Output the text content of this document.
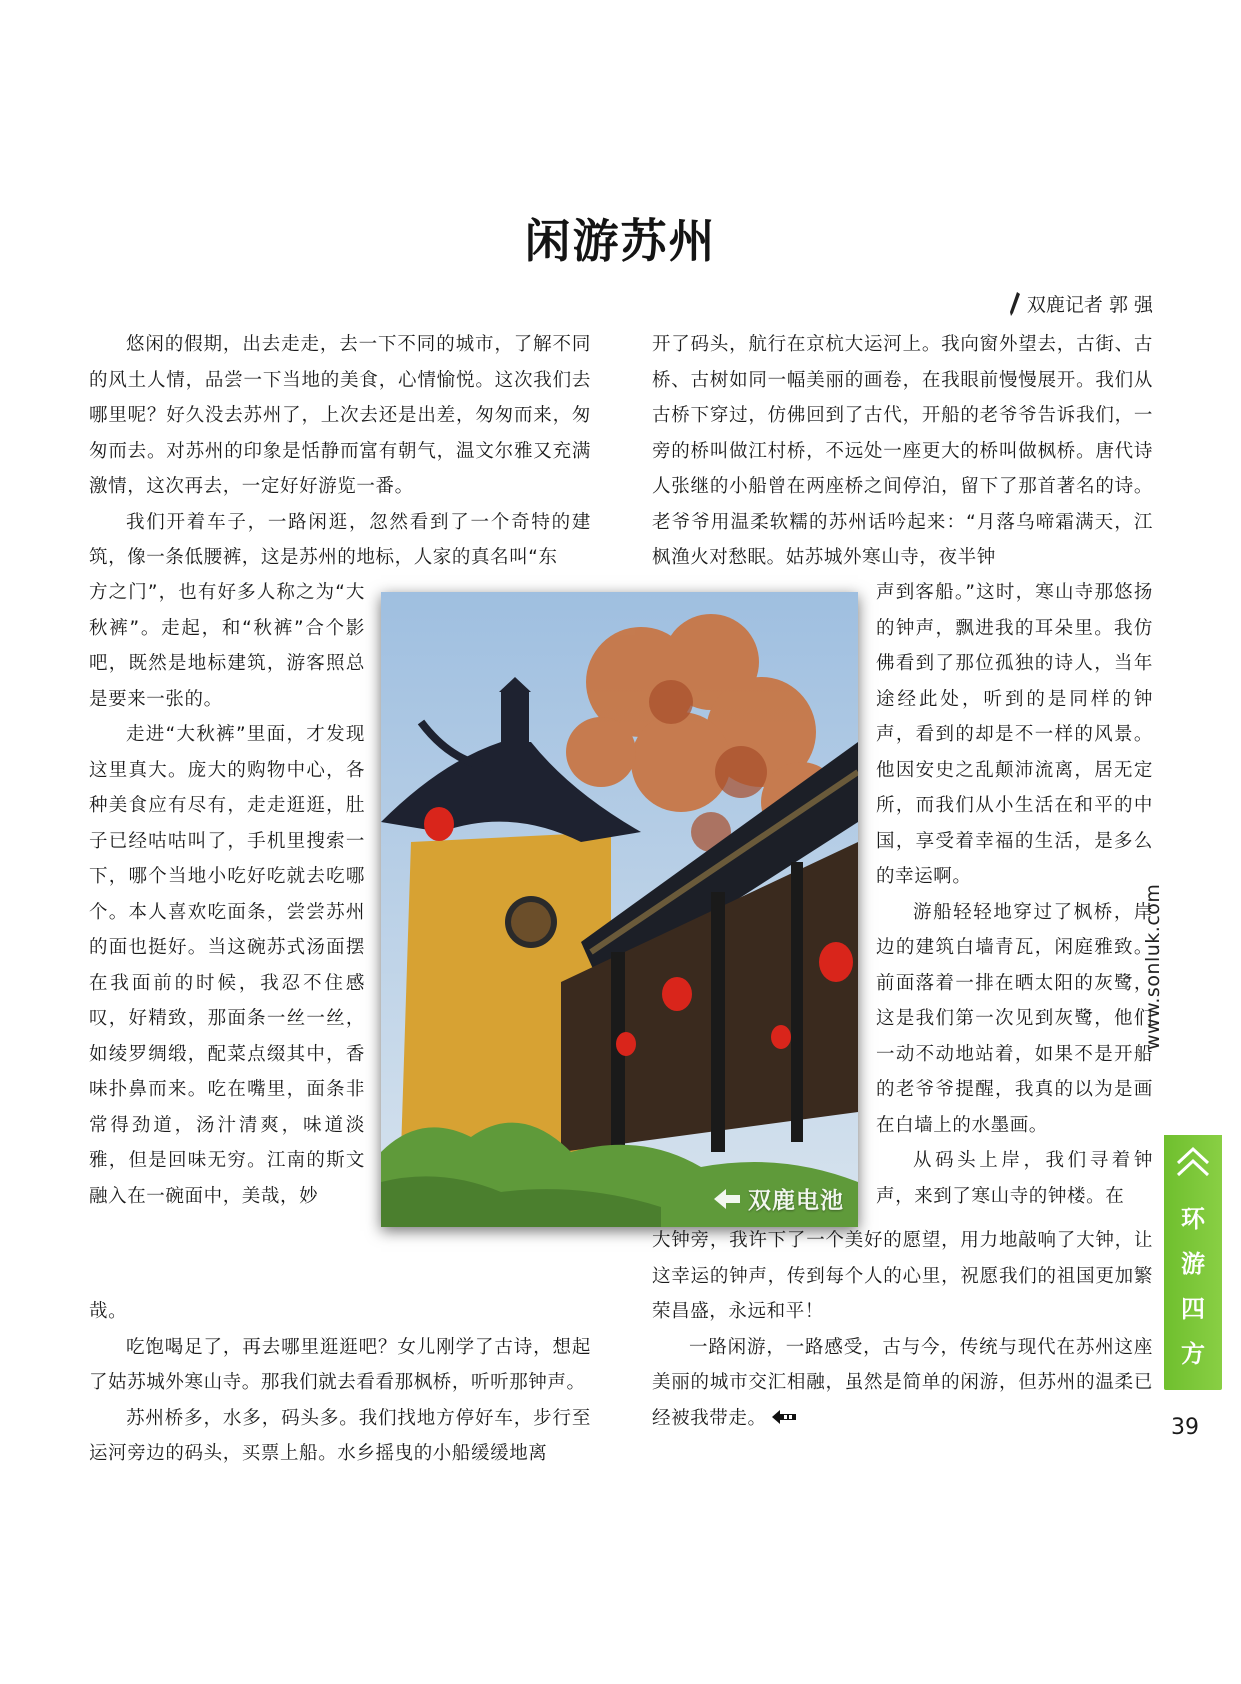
闲游苏州
双鹿记者 郭 强

悠闲的假期，出去走走，去一下不同的城市，了解不同的风土人情，品尝一下当地的美食，心情愉悦。这次我们去哪里呢？好久没去苏州了，上次去还是出差，匆匆而来，匆匆而去。对苏州的印象是恬静而富有朝气，温文尔雅又充满激情，这次再去，一定好好游览一番。

我们开着车子，一路闲逛，忽然看到了一个奇特的建筑，像一条低腰裤，这是苏州的地标，人家的真名叫“东

方之门”，也有好多人称之为“大秋裤”。走起，和“秋裤”合个影吧，既然是地标建筑，游客照总是要来一张的。

走进“大秋裤”里面，才发现这里真大。庞大的购物中心，各种美食应有尽有，走走逛逛，肚子已经咕咕叫了，手机里搜索一下，哪个当地小吃好吃就去吃哪个。本人喜欢吃面条，尝尝苏州的面也挺好。当这碗苏式汤面摆在我面前的时候，我忍不住感叹，好精致，那面条一丝一丝，如绫罗绸缎，配菜点缀其中，香味扑鼻而来。吃在嘴里，面条非常得劲道，汤汁清爽，味道淡雅，但是回味无穷。江南的斯文融入在一碗面中，美哉，妙

哉。

吃饱喝足了，再去哪里逛逛吧？女儿刚学了古诗，想起了姑苏城外寒山寺。那我们就去看看那枫桥，听听那钟声。

苏州桥多，水多，码头多。我们找地方停好车，步行至运河旁边的码头，买票上船。水乡摇曳的小船缓缓地离

开了码头，航行在京杭大运河上。我向窗外望去，古街、古桥、古树如同一幅美丽的画卷，在我眼前慢慢展开。我们从古桥下穿过，仿佛回到了古代，开船的老爷爷告诉我们，一旁的桥叫做江村桥，不远处一座更大的桥叫做枫桥。唐代诗人张继的小船曾在两座桥之间停泊，留下了那首著名的诗。老爷爷用温柔软糯的苏州话吟起来：“月落乌啼霜满天，江枫渔火对愁眠。姑苏城外寒山寺，夜半钟

声到客船。”这时，寒山寺那悠扬的钟声，飘进我的耳朵里。我仿佛看到了那位孤独的诗人，当年途经此处，听到的是同样的钟声，看到的却是不一样的风景。他因安史之乱颠沛流离，居无定所，而我们从小生活在和平的中国，享受着幸福的生活，是多么的幸运啊。

游船轻轻地穿过了枫桥，岸边的建筑白墙青瓦，闲庭雅致。前面落着一排在晒太阳的灰鹭，这是我们第一次见到灰鹭，他们一动不动地站着，如果不是开船的老爷爷提醒，我真的以为是画在白墙上的水墨画。

从码头上岸，我们寻着钟声，来到了寒山寺的钟楼。在

大钟旁，我许下了一个美好的愿望，用力地敲响了大钟，让这幸运的钟声，传到每个人的心里，祝愿我们的祖国更加繁荣昌盛，永远和平！

一路闲游，一路感受，古与今，传统与现代在苏州这座美丽的城市交汇相融，虽然是简单的闲游，但苏州的温柔已经被我带走。

双鹿电池
www.sonluk.com
环
游
四
方
39
